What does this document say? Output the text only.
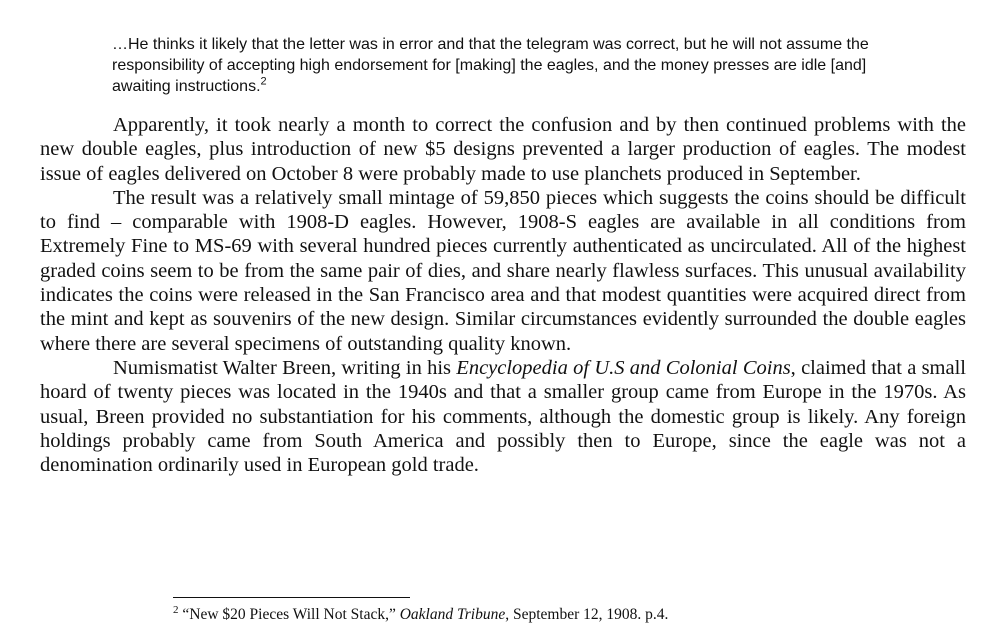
…He thinks it likely that the letter was in error and that the telegram was correct, but he will not assume the responsibility of accepting high endorsement for [making] the eagles, and the money presses are idle [and] awaiting instructions.$^2$

Apparently, it took nearly a month to correct the confusion and by then continued problems with the new double eagles, plus introduction of new $5 designs prevented a larger production of eagles. The modest issue of eagles delivered on October 8 were probably made to use planchets produced in September.

The result was a relatively small mintage of 59,850 pieces which suggests the coins should be difficult to find – comparable with 1908-D eagles. However, 1908-S eagles are available in all conditions from Extremely Fine to MS-69 with several hundred pieces currently authenticated as uncirculated. All of the highest graded coins seem to be from the same pair of dies, and share nearly flawless surfaces. This unusual availability indicates the coins were released in the San Francisco area and that modest quantities were acquired direct from the mint and kept as souvenirs of the new design. Similar circumstances evidently surrounded the double eagles where there are several specimens of outstanding quality known.

Numismatist Walter Breen, writing in his Encyclopedia of U.S and Colonial Coins, claimed that a small hoard of twenty pieces was located in the 1940s and that a smaller group came from Europe in the 1970s. As usual, Breen provided no substantiation for his comments, although the domestic group is likely. Any foreign holdings probably came from South America and possibly then to Europe, since the eagle was not a denomination ordinarily used in European gold trade.

$^2$ “New $20 Pieces Will Not Stack,” Oakland Tribune, September 12, 1908. p.4.
